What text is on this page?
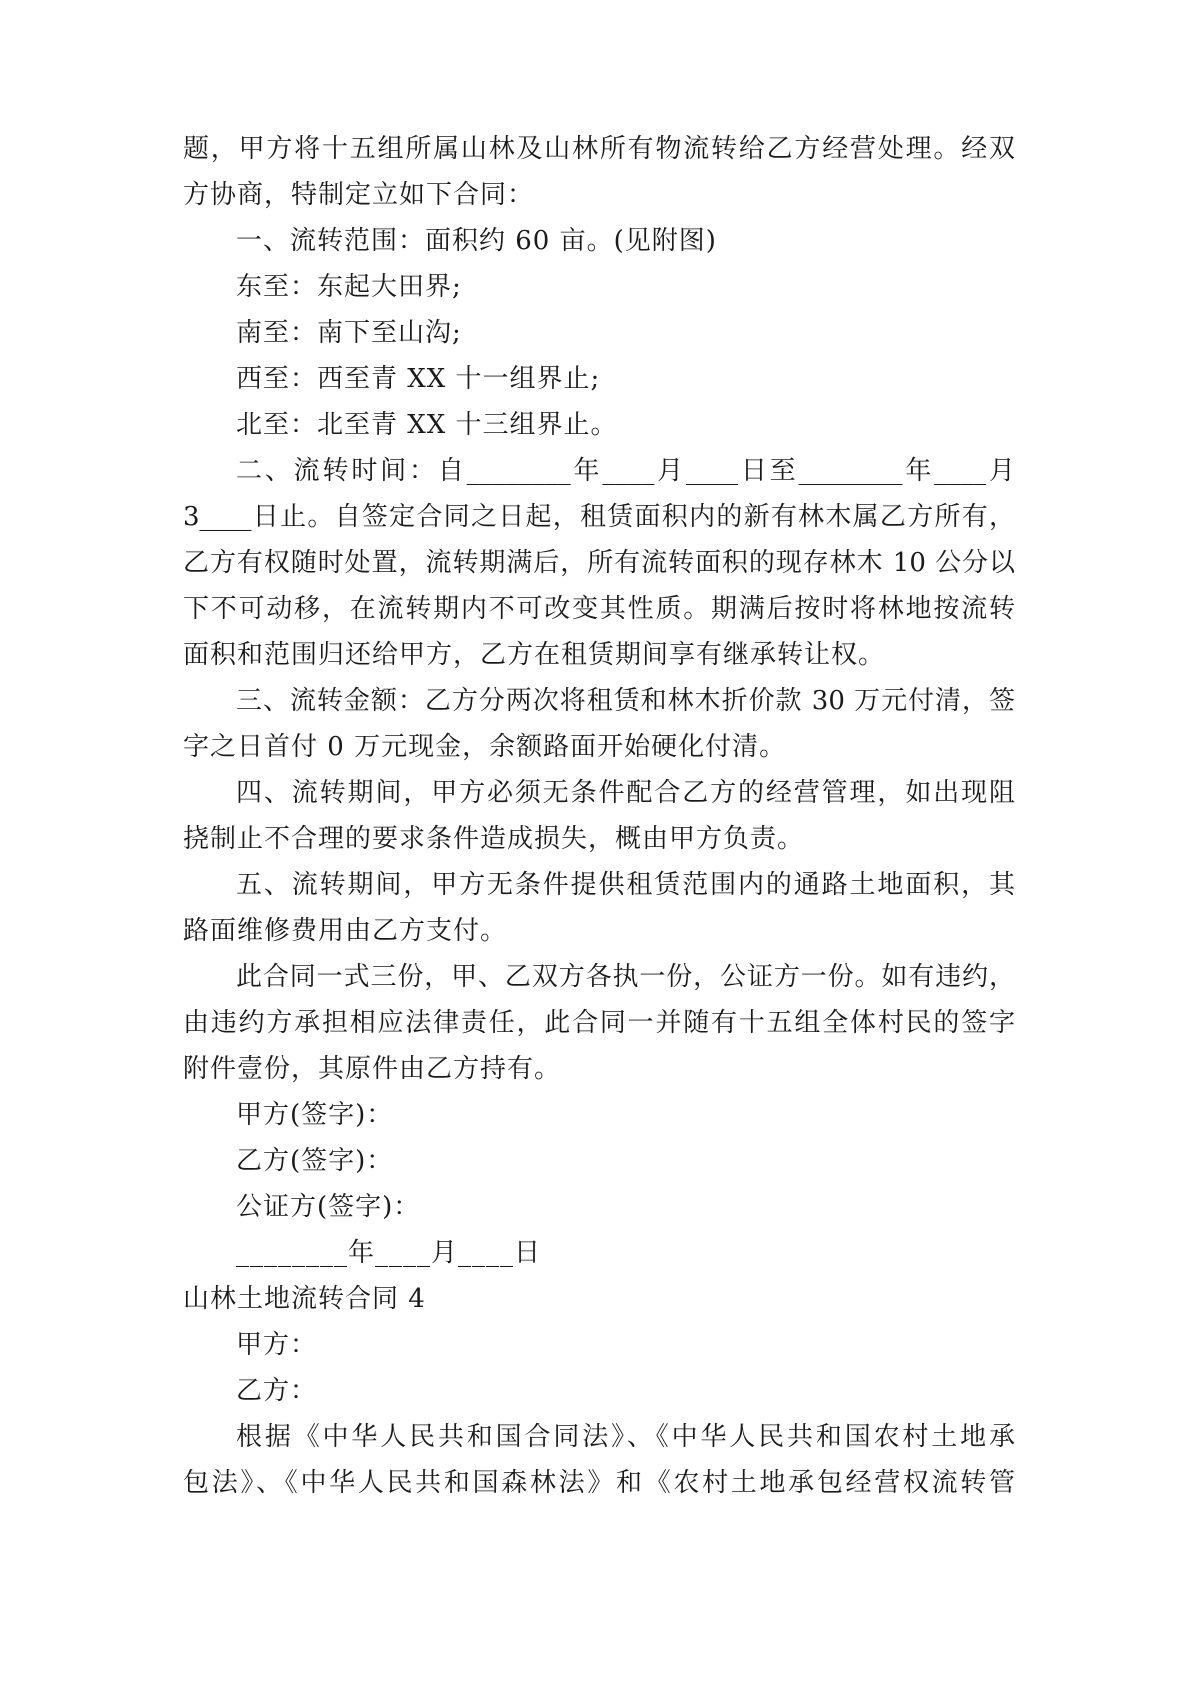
题，甲方将十五组所属山林及山林所有物流转给乙方经营处理。经双
方协商，特制定立如下合同：
一、流转范围：面积约 60 亩。(见附图)
东至：东起大田界;
南至：南下至山沟;
西至：西至青 XX 十一组界止;
北至：北至青 XX 十三组界止。
二、流转时间：自________年____月____日至________年____月
3____日止。自签定合同之日起，租赁面积内的新有林木属乙方所有，
乙方有权随时处置，流转期满后，所有流转面积的现存林木 10 公分以
下不可动移，在流转期内不可改变其性质。期满后按时将林地按流转
面积和范围归还给甲方，乙方在租赁期间享有继承转让权。
三、流转金额：乙方分两次将租赁和林木折价款 30 万元付清，签
字之日首付 0 万元现金，余额路面开始硬化付清。
四、流转期间，甲方必须无条件配合乙方的经营管理，如出现阻
挠制止不合理的要求条件造成损失，概由甲方负责。
五、流转期间，甲方无条件提供租赁范围内的通路土地面积，其
路面维修费用由乙方支付。
此合同一式三份，甲、乙双方各执一份，公证方一份。如有违约，
由违约方承担相应法律责任，此合同一并随有十五组全体村民的签字
附件壹份，其原件由乙方持有。
甲方(签字)：
乙方(签字)：
公证方(签字)：
________年____月____日
山林土地流转合同 4
甲方：
乙方：
根据《中华人民共和国合同法》、《中华人民共和国农村土地承
包法》、《中华人民共和国森林法》和《农村土地承包经营权流转管
